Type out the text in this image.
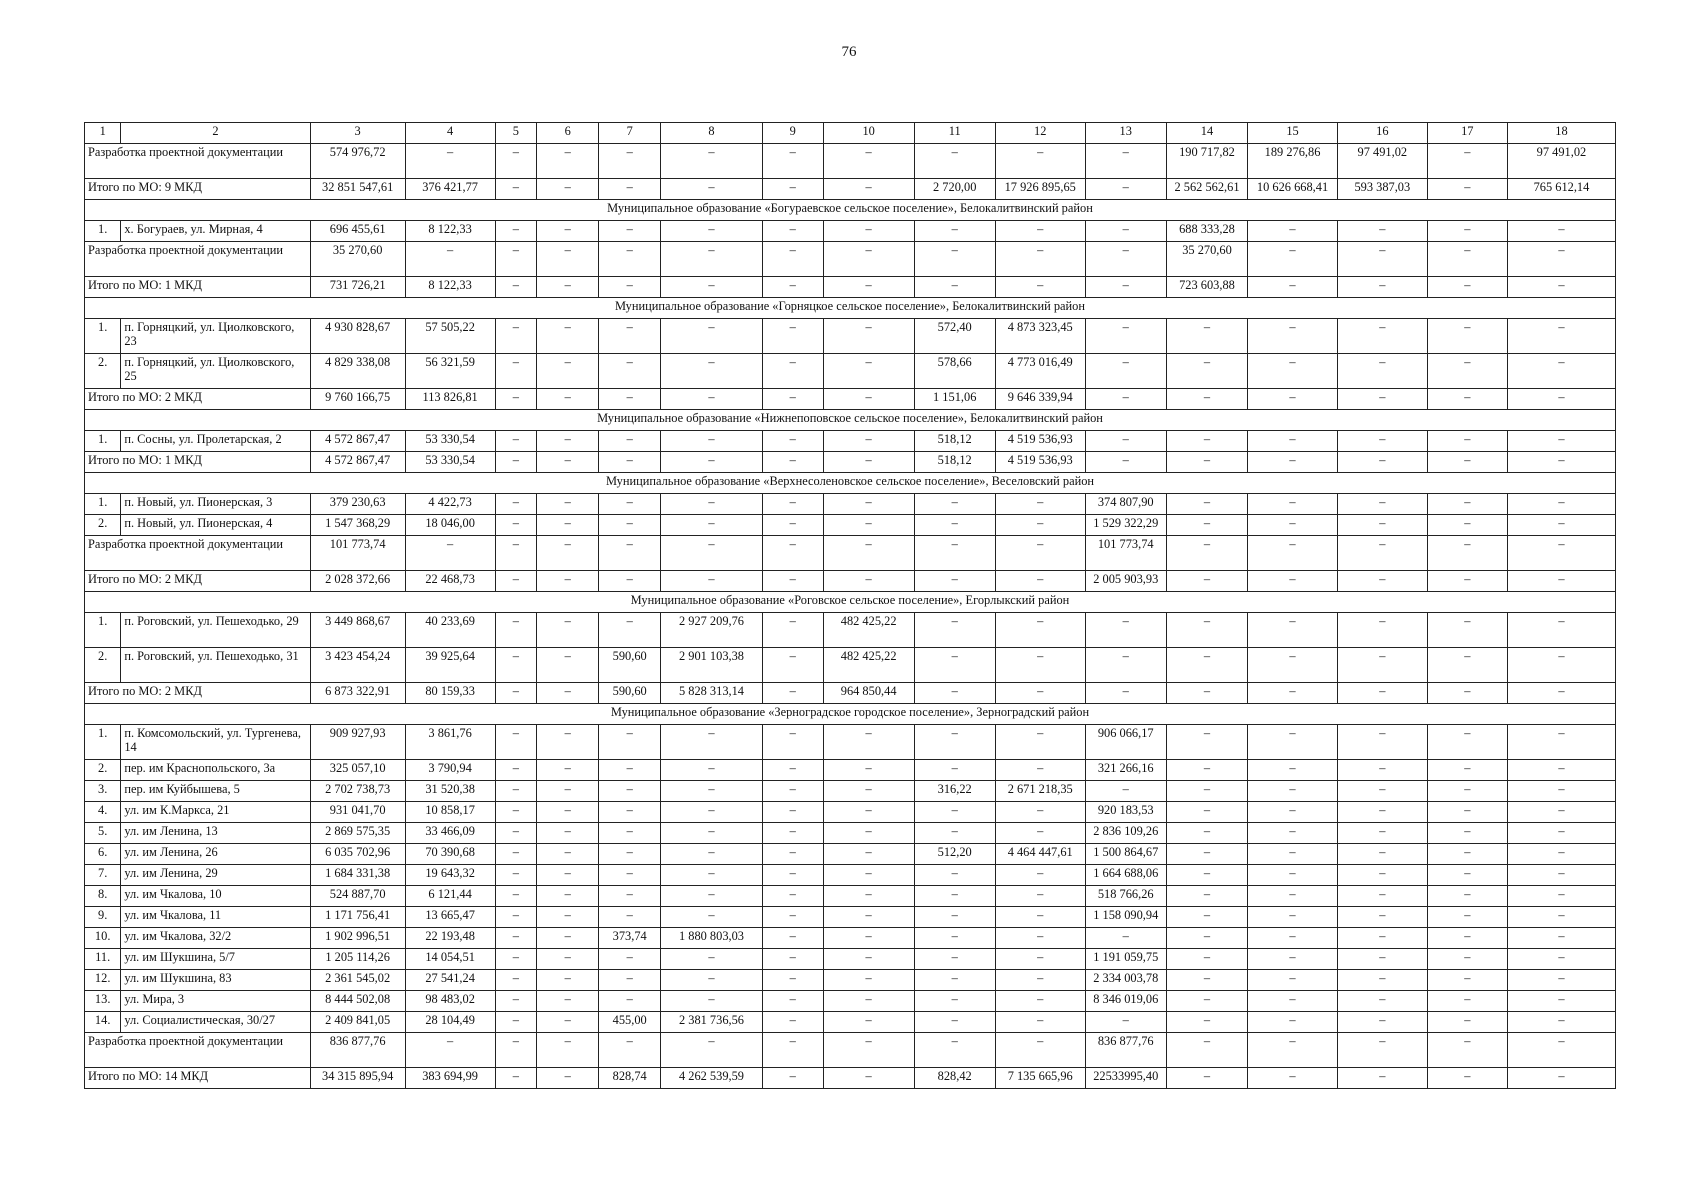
76
1	2	3	4	5	6	7	8	9	10	11	12	13	14	15	16	17	18
Разработка проектной документации		574 976,72	–	–	–	–	–	–	–	–	–	–	190 717,82	189 276,86	97 491,02	–	97 491,02
Итого по МО: 9 МКД		32 851 547,61	376 421,77	–	–	–	–	–	–	2 720,00	17 926 895,65	–	2 562 562,61	10 626 668,41	593 387,03	–	765 612,14
Муниципальное образование «Богураевское сельское поселение», Белокалитвинский район																	
1.	х. Богураев, ул. Мирная, 4	696 455,61	8 122,33	–	–	–	–	–	–	–	–	–	688 333,28	–	–	–	–
Разработка проектной документации		35 270,60	–	–	–	–	–	–	–	–	–	–	35 270,60	–	–	–	–
Итого по МО: 1 МКД		731 726,21	8 122,33	–	–	–	–	–	–	–	–	–	723 603,88	–	–	–	–
Муниципальное образование «Горняцкое сельское поселение», Белокалитвинский район																	
1.	п. Горняцкий, ул. Циолковского, 23	4 930 828,67	57 505,22	–	–	–	–	–	–	572,40	4 873 323,45	–	–	–	–	–	–
2.	п. Горняцкий, ул. Циолковского, 25	4 829 338,08	56 321,59	–	–	–	–	–	–	578,66	4 773 016,49	–	–	–	–	–	–
Итого по МО: 2 МКД		9 760 166,75	113 826,81	–	–	–	–	–	–	1 151,06	9 646 339,94	–	–	–	–	–	–
Муниципальное образование «Нижнепоповское сельское поселение», Белокалитвинский район																	
1.	п. Сосны, ул. Пролетарская, 2	4 572 867,47	53 330,54	–	–	–	–	–	–	518,12	4 519 536,93	–	–	–	–	–	–
Итого по МО: 1 МКД		4 572 867,47	53 330,54	–	–	–	–	–	–	518,12	4 519 536,93	–	–	–	–	–	–
Муниципальное образование «Верхнесоленовское сельское поселение», Веселовский район																	
1.	п. Новый, ул. Пионерская, 3	379 230,63	4 422,73	–	–	–	–	–	–	–	–	374 807,90	–	–	–	–	–
2.	п. Новый, ул. Пионерская, 4	1 547 368,29	18 046,00	–	–	–	–	–	–	–	–	1 529 322,29	–	–	–	–	–
Разработка проектной документации		101 773,74	–	–	–	–	–	–	–	–	–	101 773,74	–	–	–	–	–
Итого по МО: 2 МКД		2 028 372,66	22 468,73	–	–	–	–	–	–	–	–	2 005 903,93	–	–	–	–	–
Муниципальное образование «Роговское сельское поселение», Егорлыкский район																	
1.	п. Роговский, ул. Пешеходько, 29	3 449 868,67	40 233,69	–	–	–	2 927 209,76	–	482 425,22	–	–	–	–	–	–	–	–
2.	п. Роговский, ул. Пешеходько, 31	3 423 454,24	39 925,64	–	–	590,60	2 901 103,38	–	482 425,22	–	–	–	–	–	–	–	–
Итого по МО: 2 МКД		6 873 322,91	80 159,33	–	–	590,60	5 828 313,14	–	964 850,44	–	–	–	–	–	–	–	–
Муниципальное образование «Зерноградское городское поселение», Зерноградский район																	
1.	п. Комсомольский, ул. Тургенева, 14	909 927,93	3 861,76	–	–	–	–	–	–	–	–	906 066,17	–	–	–	–	–
2.	пер. им Краснопольского, 3а	325 057,10	3 790,94	–	–	–	–	–	–	–	–	321 266,16	–	–	–	–	–
3.	пер. им Куйбышева, 5	2 702 738,73	31 520,38	–	–	–	–	–	–	316,22	2 671 218,35	–	–	–	–	–	–
4.	ул. им К.Маркса, 21	931 041,70	10 858,17	–	–	–	–	–	–	–	–	920 183,53	–	–	–	–	–
5.	ул. им Ленина, 13	2 869 575,35	33 466,09	–	–	–	–	–	–	–	–	2 836 109,26	–	–	–	–	–
6.	ул. им Ленина, 26	6 035 702,96	70 390,68	–	–	–	–	–	–	512,20	4 464 447,61	1 500 864,67	–	–	–	–	–
7.	ул. им Ленина, 29	1 684 331,38	19 643,32	–	–	–	–	–	–	–	–	1 664 688,06	–	–	–	–	–
8.	ул. им Чкалова, 10	524 887,70	6 121,44	–	–	–	–	–	–	–	–	518 766,26	–	–	–	–	–
9.	ул. им Чкалова, 11	1 171 756,41	13 665,47	–	–	–	–	–	–	–	–	1 158 090,94	–	–	–	–	–
10.	ул. им Чкалова, 32/2	1 902 996,51	22 193,48	–	–	373,74	1 880 803,03	–	–	–	–	–	–	–	–	–	–
11.	ул. им Шукшина, 5/7	1 205 114,26	14 054,51	–	–	–	–	–	–	–	–	1 191 059,75	–	–	–	–	–
12.	ул. им Шукшина, 83	2 361 545,02	27 541,24	–	–	–	–	–	–	–	–	2 334 003,78	–	–	–	–	–
13.	ул. Мира, 3	8 444 502,08	98 483,02	–	–	–	–	–	–	–	–	8 346 019,06	–	–	–	–	–
14.	ул. Социалистическая, 30/27	2 409 841,05	28 104,49	–	–	455,00	2 381 736,56	–	–	–	–	–	–	–	–	–	–
Разработка проектной документации		836 877,76	–	–	–	–	–	–	–	–	–	836 877,76	–	–	–	–	–
Итого по МО: 14 МКД		34 315 895,94	383 694,99	–	–	828,74	4 262 539,59	–	–	828,42	7 135 665,96	22533995,40	–	–	–	–	–
